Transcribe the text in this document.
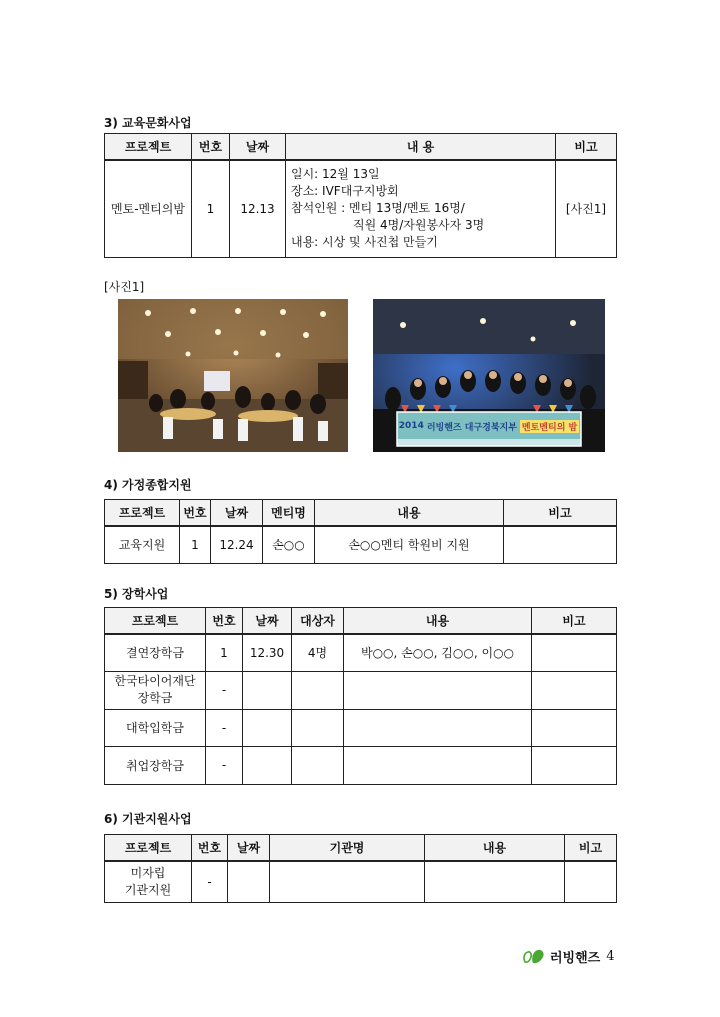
3) 교육문화사업
프로젝트	번호	날짜	내 용	비고
멘토-멘티의밤	1	12.13	일시: 12월 13일
장소: IVF대구지방회
참석인원 : 멘티 13명/멘토 16명/
직원 4명/자원봉사자 3명
내용: 시상 및 사진첩 만들기	[사진1]
[사진1]
2014 러빙핸즈 대구경북지부 멘토멘티의 밤
4) 가정종합지원
프로젝트	번호	날짜	멘티명	내용	비고
교육지원	1	12.24	손○○	손○○멘티 학원비 지원	
5) 장학사업
프로젝트	번호	날짜	대상자	내용	비고
결연장학금	1	12.30	4명	박○○, 손○○, 김○○, 이○○	

한국타이어재단
장학금	-				
대학입학금	-				
취업장학금	-				
6) 기관지원사업
프로젝트	번호	날짜	기관명	내용	비고

미자립
기관지원	-				
러빙핸즈 4
